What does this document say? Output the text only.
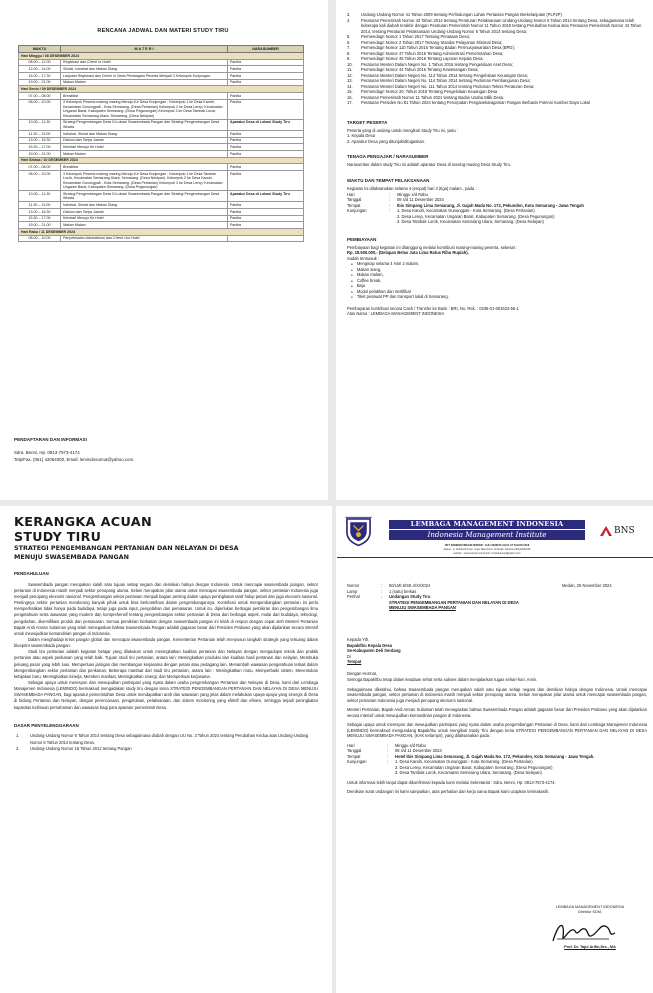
RENCANA JADWAL DAN MATERI STUDY TIRU
WAKTU	M A T E R I	NARASUMBER
Hari Minggu / 08 DESEMBER 2024		
08.00 – 12.00	Registrasi dan Check In Hotel	Panitia
12.00 – 14.00	Sholat, Istirahat dan Makan Siang	Panitia
15.00 – 17.30	Lanjutan Registrasi dan Check In Serta Pembagian Peserta Menjadi 3 Kelompok Kunjungan.	Panitia
19.00 – 21.00	Makan Malam	Panitia
Hari Senin / 09 DESEMBER 2024		
07.00 – 08.00	Breakfast	Panitia
08.00 – 10.00	3 Kelompok Peserta masing masing Menuju Ke Desa Kunjungan : Kelompok 1 ke Desa Kandri, Kecamatan Gunungpati - Kota Semarang. (Desa Pertanian) Kelompok 2 ke Desa Lerep, Kecamatan Ungaran Barat, Kabupaten Semarang. (Desa Pegunungan) Kelompok 3 ke Desa Tambak Lorok, Kecamatan Semarang Utara, Semarang. (Desa Nelayan)	Panitia
10.00 – 11.30	Strategi Pengembangan Desa Di Lokasi Swasembada Pangan dan Strategi Pengembangan Desa Wisata	Aparatur Desa di Lokasi Study Tiru
11.30 – 13.00	Istirahat, Sholat dan Makan Siang	Panitia
13.00 – 15.30	Diskusi dan Tanya Jawab	Panitia
15.30 – 17.00	Kembali Menuju Ke Hotel	Panitia
19.00 – 21.00	Makan Malam	Panitia
Hari Selasa / 10 DESEMBER 2024		
07.00 – 08.00	Breakfast	Panitia
08.00 – 10.00	3 Kelompok Peserta masing masing Menuju Ke Desa Kunjungan : Kelompok 1 ke Desa Tambak Lorok, Kecamatan Semarang Utara, Semarang. (Desa Nelayan). Kelompok 2 ke Desa Kandri, Kecamatan Gunungpati - Kota Semarang. (Desa Pertanian) Kelompok 3 ke Desa Lerep, Kecamatan Ungaran Barat, Kabupaten Semarang. (Desa Pegunungan)	Panitia
10.00 – 11.30	Strategi Pengembangan Desa Di Lokasi Swasembada Pangan dan Strategi Pengembangan Desa Wisata	Aparatur Desa di Lokasi Study Tiru
11.30 – 13.00	Istirahat, Sholat dan Makan Siang	Panitia
13.00 – 15.30	Diskusi dan Tanya Jawab	Panitia
15.30 – 17.00	Kembali Menuju Ke Hotel	Panitia
19.00 – 21.00	Makan Malam	Panitia
Hari Rabu / 11 DESEMBER 2024		
08.00 – 10.00	Penyelesaian Administrasi dan Check Out Hotel	
PENDAFTARAN DAN INFORMASI
Sdra. Benni, Hp. 0813-7573-4174
Telp/Fax. (061) 42064000, Email: lemindosumut@yahoo.com.
3.	Undang-Undang Nomor 41 Tahun 2009 tentang Perlindungan Lahan Pertanian Pangan Berkelanjutan (PLP2P)
4.	Peraturan Pemerintah Nomor 43 Tahun 2014 tentang Peraturan Pelaksanaan Undang-Undang Nomor 6 Tahun 2014 tentang Desa, sebagaimana telah beberapa kali diubah terakhir dengan Peraturan Pemerintah Nomor 11 Tahun 2019 tentang Perubahan Kedua atas Peraturan Pemerintah Nomor 43 Tahun 2014, tentang Peraturan Pelaksanaan Undang-Undang Nomor 6 Tahun 2014 tentang Desa;
5.	Permendagri Nomor 1 Tahun 2017 Tentang Penataan Desa;
6.	Permendagri Nomor 2 Tahun 2017 Tentang Standar Pelayanan Minimal Desa;
7.	Permendagri Nomor 110 Tahun 2016 Tentang Badan Permusyawaratan Desa (BPD);
8.	Permendagri Nomor 47 Tahun 2016 Tentang Administrasi Pemerintahan Desa;
9.	Permendagri Nomor 46 Tahun 2016 Tentang Laporan Kepala Desa;
10. Peraturan Menteri Dalam Negeri No. 1 Tahun 2016 tentang Pengelolaan Aset Desa;
11. Permendagri Nomor 44 Tahun 2016 Tentang Kewenangan Desa;
12. Peraturan Menteri Dalam Negeri No. 113 Tahun 2014 tentang Pengelolaan Keuangan Desa;
13. Peraturan Menteri Dalam Negeri No. 114 Tahun 2014 tentang Pedoman Pembangunan Desa;
14. Peraturan Menteri Dalam Negeri No. 111 Tahun 2014 tentang Pedoman Teknis Peraturan Desa;
15. Permendagri Nomor 20. Tahun 2018 Tentang Pengelolaan Keuangan Desa
16. Peraturan Pemerintah Nomor 11 Tahun 2021 tentang Badan Usaha Milik Desa.
17. Peraturan Presiden No 81 Tahun 2024 tentang Percepatan Penganekaragaman Pangan Berbasis Potensi Sumber Daya Lokal
TARGET PESERTA
Peserta yang di undang untuk mengikuti Study Tiru ini, yaitu :
1. Kepala Desa
2. Aparatur Desa yang ditunjuk/ditugaskan.
TENAGA PENGAJAR / NARASUMBER
Narasumber dalam study Tiru ini adalah aparatur Desa di masing-masing Desa Study Tiru.
WAKTU DAN TEMPAT PELAKSANAAN
Kegiatan ini dilaksanakan selama 4 (empat) hari 3 (tiga) malam , pada :
Hari	:	Minggu s/d Rabu
Tanggal	:	08 s/d 11 Desember 2024
Tempat	:	Ibis Simpang Lima Semarang, Jl. Gajah Mada No. 172, Pekunden, Kota Semarang - Jawa Tengah
Kunjungan	:	1. Desa Kandri, Kecamatan Gunungpati - Kota Semarang. (Desa Pertanian)
2. Desa Lerep, Kecamatan Ungaran Barat, Kabupaten Semarang. (Desa Pegunungan)
3. Desa Tambak Lorok, Kecamatan Semarang Utara, Semarang. (Desa Nelayan)
PEMBIAYAAN
Pembiayaan bagi kegiatan ini ditanggung melalui kontribusi masing-masing peserta, sebesar :
Rp. 18.500.000,- (Delapan Belas Juta Lima Ratus Ribu Rupiah).
Sudah termasuk :
● Menginap selama 4 Hari 3 malam,
● Makan siang,
● Makan malam,
● Coffee break,
● Baju
● Modul pelatihan dan Sertifikat
● Tiket pesawat PP dan transport lokal di Semarang.
Pembayaran kontribusi secara Cash / Transfer ke Bank : BRI, No. Rek. : 0238-01-001623-56-1
Atas Nama : LEMBAGA MANAGEMENT INDONESIA
KERANGKA ACUAN
STUDY TIRU
STRATEGI PENGEMBANGAN PERTANIAN DAN NELAYAN DI DESA
MENUJU SWASEMBADA PANGAN
PENDAHULUAN

Swasembada pangan merupakan salah satu tujuan setiap negara dan demikian halnya dengan Indonesia. Untuk mencapai swasembada pangan, sektor pertanian di Indonesia masih menjadi sektor penopang utama. Selain merupakan pilar utama untuk mencapai swasembada pangan, sektor pertanian Indonesia juga menjadi penopang ekonomi nasional. Pengembangan sektor pertanian menjadi bagian penting dalam upaya peningkatan taraf hidup petani dan juga ekonomi nasional. Pentingnya sektor pertanian mendorong banyak pihak untuk bisa berkontribusi dalam pengembangannya. Kontribusi untuk mengembangkan pertanian ini perlu memperhatikan tidak hanya pada budidaya, tetapi juga pada input, pengolahan dan pemasaran. Untuk itu, diperlukan berbagai pemikiran dan pengembangan ilmu pengetahuan serta wawasan yang modern dan komprehensif tentang pengembangan sektor pertanian di Desa dari berbagai aspek, mulai dari budidaya, teknologi, pengolahan, diversifikasi produk dan pemasaran. Semua pemikiran berkaitan dengan swasembada pangan ini telah di respon dengan cepat oleh Menteri Pertanian Bapak Andi Amran Sulaiman yang telah menegaskan bahwa Swasembada Pangan adalah gagasan besar dari Presiden Prabowo yang akan dijalankan secara intensif untuk mewujudkan kemandirian pangan di Indonesia.

Dalam menghadapi krisis pangan global dan mencapai swasembada pangan, Kementerian Pertanian telah menyusun langkah strategis yang tertuang dalam blueprint swasembada pangan.

Studi tiru pertanian adalah kegiatan belajar yang dilakukan untuk meningkatkan kualitas pertanian dan Nelayan dengan mengadopsi teknik dan praktik pertanian atau aspek perikanan yang telah baik. Tujuan studi tiru pertanian, antara lain: Meningkatkan produksi dan kualitas hasil pertanian dan nelayan, Membuka peluang pasar yang lebih luas, Memperluas jaringan dan membangun kerjasama dengan petani atau pedagang lain, Menambah wawasan pengetahuan terkait dalam Mengembangkan sektor pertanian dan perikanan. Beberapa manfaat dari studi tiru pertanian, antara lain : Meningkatkan mutu, Memperbaiki sistem, Menentukan kebijakan baru, Meningkatkan kinerja, Memberi manfaat, Meningkatkan sinergi, dan Memperkuat kerjasama.

Sebagai upaya untuk merespon dan mewujudkan partisipasi yang nyata dalam usaha pengembangan Pertanian dan Nelayan di Desa, kami dari Lembaga Manajemen Indonesia (LEMINDO) bermaksud mengadakan study tiru dengan tema STRATEGI PENGEMBANGAN PERTANIAN DAN NELAYAN DI DESA MENUJU SWASEMBADA PANGAN, bagi aparatur pemerintahan Desa untuk mendapatkan arah dan wawasan yang jelas dalam melakukan upaya-upaya yang sinergis di Desa di bidang Pertanian dan Nelayan, dengan perencanaan, pengelolaan, pelaksanaan, dan sistem monitoring yang efektif dan efisien, sehingga terjadi peningkatan kapasitas keilmuan pemahaman dan wawasan bagi para aparatur pemerintah Desa.

DASAR PENYELENGGARAAN
1.	Undang-Undang Nomor 6 Tahun 2014 tentang Desa sebagaimana diubah dengan UU No. 3 Tahun 2024 tentang Perubahan Kedua atas Undang-Undang Nomor 6 Tahun 2014 tentang Desa.
2.	Undang-Undang Nomor 18 Tahun 2012 tentang Pangan
LEMBAGA MANAGEMENT INDONESIA
Indonesia Management Institute	BNS
SKT KEMENKUMHAM NOMOR : AHU-0008970.AH.01.07.TAHUN 2018
Alamat : Jl. Setiabudi Komp. Griya Tata Nomor 11 Medan Telp/Fax.(061)42064000
website : www.lemindo.com Email : lemindosumut@yahoo.com
Nomor	:	50/LMI.9/SK.4/XI/2024
Lamp	:	1 (satu) berkas
Perihal	:	Undangan Study Tiru
STRATEGI PENGEMBANGAN PERTANIAN DAN NELAYAN DI DESA
MENUJU SWASEMBADA PANGAN
Medan, 25 November 2024
Kepada Yth.
Bapak/Ibu Kepala Desa
Se-Kabupaten Deli Serdang
Di
Tempat

Dengan Hormat,

Semoga Bapak/Ibu tetap dalam keadaan sehat serta sukses dalam menjalankan tugas sehari-hari, Amin.

Sebagaimana diketahui, bahwa Swasembada pangan merupakan salah satu tujuan setiap negara dan demikian halnya dengan Indonesia. Untuk mencapai swasembada pangan, sektor pertanian di Indonesia masih menjadi sektor penopang utama. Selain merupakan pilar utama untuk mencapai swasembada pangan, sektor pertanian Indonesia juga menjadi penopang ekonomi nasional.

Menteri Pertanian, Bapak Andi Amran Sulaiman telah menegaskan bahwa Swasembada Pangan adalah gagasan besar dari Presiden Prabowo yang akan dijalankan secara intensif untuk mewujudkan kemandirian pangan di Indonesia.

Sebagai upaya untuk merespon dan mewujudkan partisipasi yang nyata dalam usaha pengembangan Pertanian di Desa, kami dari Lembaga Manajemen Indonesia (LEMINDO) bermaksud mengundang Bapak/Ibu untuk mengikuti Study Tiru dengan tema STRATEGI PENGEMBANGAN PERTANIAN DAN NELAYAN DI DESA MENUJU SWASEMBADA PANGAN, (KAK terlampir), yang dilaksanakan pada :

Hari	:	Minggu s/d Rabu
Tanggal	:	08 s/d 11 Desember 2024
Tempat	:	Hotel Ibis Simpang Lima Semarang, Jl. Gajah Mada No. 172, Pekunden, Kota Semarang - Jawa Tengah.
Kunjungan	:	1. Desa Kandri, Kecamatan Gunungpati - Kota Semarang. (Desa Pertanian)
2. Desa Lerep, Kecamatan Ungaran Barat, Kabupaten Semarang. (Desa Pegunungan)
3. Desa Tambak Lorok, Kecamatan Semarang Utara, Semarang. (Desa Nelayan)

Untuk informasi lebih lanjut dapat dikonfirmasi kepada kami melalui Sekretariat : Sdra. Benni, Hp. 0813-7573-4174.

Demikian surat undangan ini kami sampaikan, atas perhatian dan kerja sama Bapak kami ucapkan terimakasih.

LEMBAGA MANAGEMENT INDONESIA
Direktur SDM,
Prof. Dr. Tajul Arifin,Drs., MA
